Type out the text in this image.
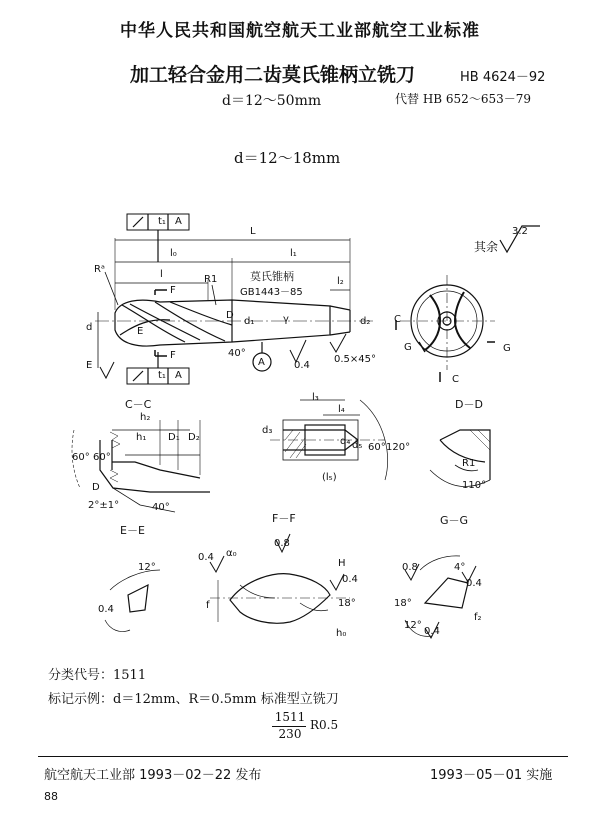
中华人民共和国航空航天工业部航空工业标准
加工轻合金用二齿莫氏锥柄立铣刀	HB 4624－92
d＝12～50mm	代替 HB 652～653－79
d＝12～18mm
t₁ A
L
l₀	l₁
l
l₂
Rᵃ
R1	莫氏锥柄
GB1443－85
F
F
d
D
d₁	d₂
γ
E
E
40°
A	0.4
0.5×45°
t₁ A
C
C
G	G
其余
3.2
C－C	D－D
E－E
F－F	G－G
h₂
h₁ D₁ D₂
60° 60°
D
2°±1°	40°
l₃
l₄
d₃
d₄ d₅ 60° 120°
(l₅)
R1
110°
12°
0.4
0.4 α₀
0.8
H
0.4
18°
f
h₀
0.8	4°
0.4
18°
12°
f₂
0.4
分类代号：1511
标记示例：d＝12mm、R＝0.5mm 标准型立铣刀
1511
230
R0.5
航空航天工业部 1993－02－22 发布	1993－05－01 实施
88
